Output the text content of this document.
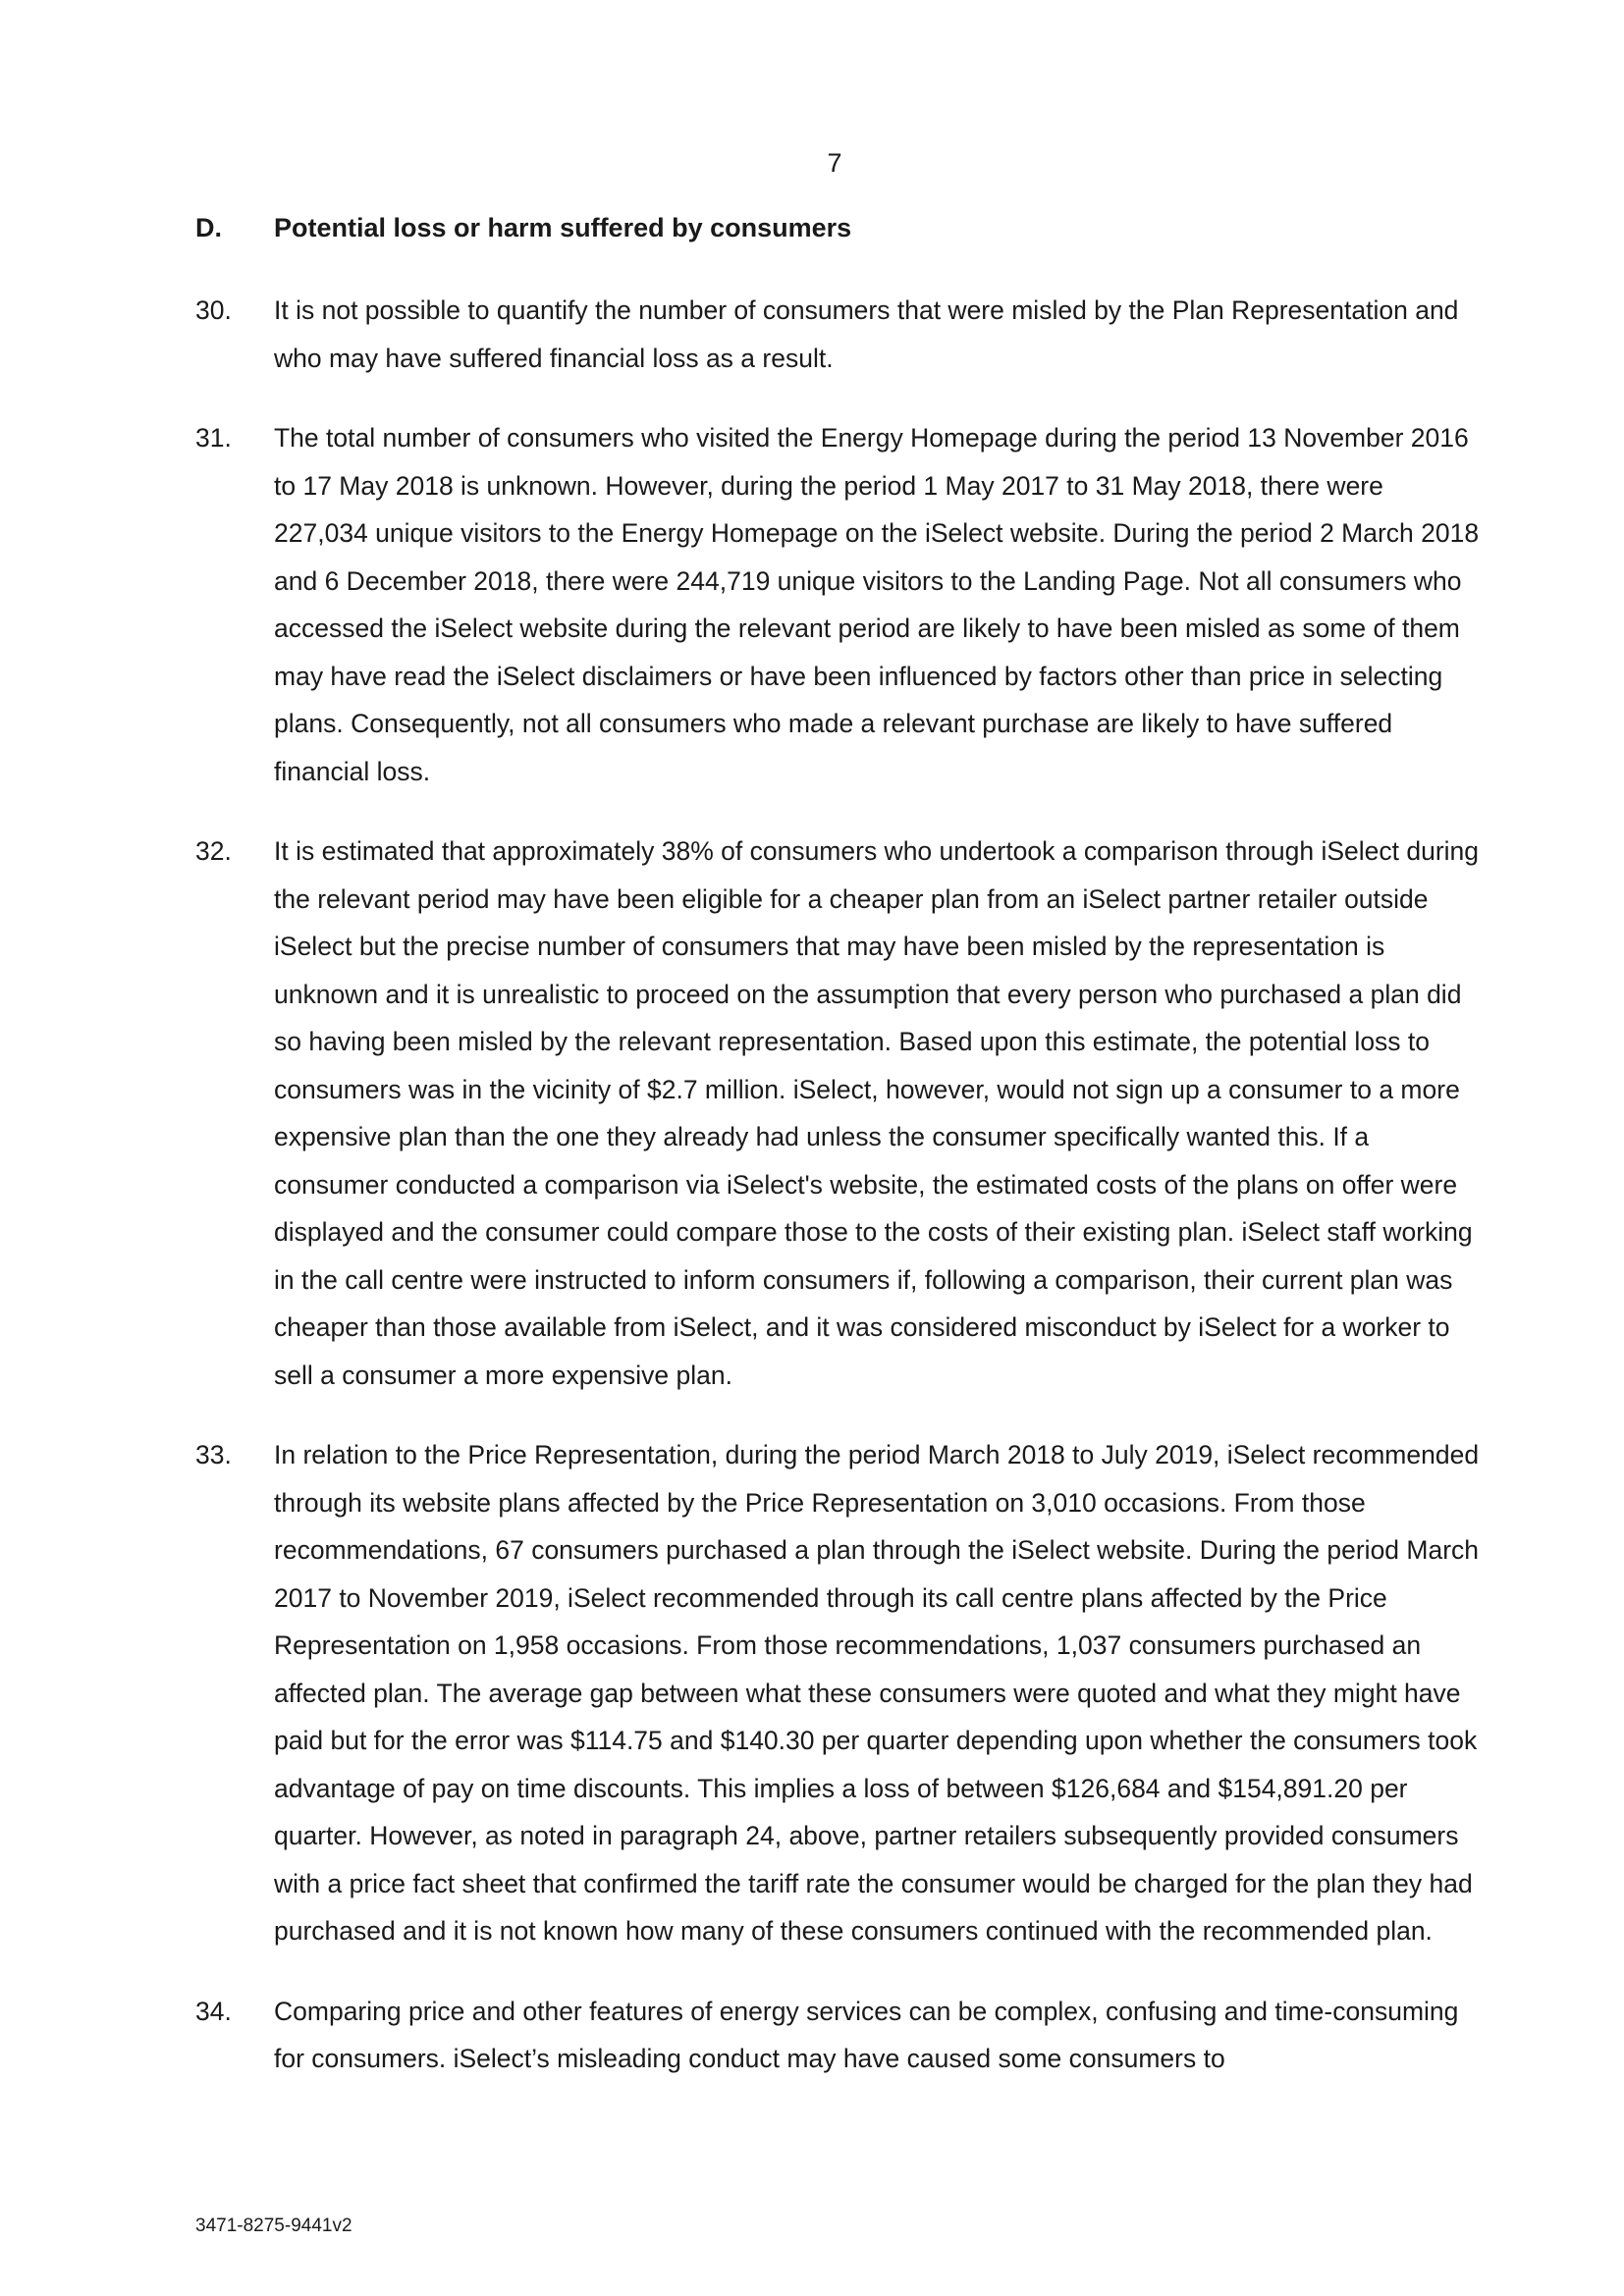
7
D.	Potential loss or harm suffered by consumers
30.	It is not possible to quantify the number of consumers that were misled by the Plan Representation and who may have suffered financial loss as a result.
31.	The total number of consumers who visited the Energy Homepage during the period 13 November 2016 to 17 May 2018 is unknown. However, during the period 1 May 2017 to 31 May 2018, there were 227,034 unique visitors to the Energy Homepage on the iSelect website. During the period 2 March 2018 and 6 December 2018, there were 244,719 unique visitors to the Landing Page. Not all consumers who accessed the iSelect website during the relevant period are likely to have been misled as some of them may have read the iSelect disclaimers or have been influenced by factors other than price in selecting plans. Consequently, not all consumers who made a relevant purchase are likely to have suffered financial loss.
32.	It is estimated that approximately 38% of consumers who undertook a comparison through iSelect during the relevant period may have been eligible for a cheaper plan from an iSelect partner retailer outside iSelect but the precise number of consumers that may have been misled by the representation is unknown and it is unrealistic to proceed on the assumption that every person who purchased a plan did so having been misled by the relevant representation. Based upon this estimate, the potential loss to consumers was in the vicinity of $2.7 million. iSelect, however, would not sign up a consumer to a more expensive plan than the one they already had unless the consumer specifically wanted this. If a consumer conducted a comparison via iSelect's website, the estimated costs of the plans on offer were displayed and the consumer could compare those to the costs of their existing plan. iSelect staff working in the call centre were instructed to inform consumers if, following a comparison, their current plan was cheaper than those available from iSelect, and it was considered misconduct by iSelect for a worker to sell a consumer a more expensive plan.
33.	In relation to the Price Representation, during the period March 2018 to July 2019, iSelect recommended through its website plans affected by the Price Representation on 3,010 occasions. From those recommendations, 67 consumers purchased a plan through the iSelect website. During the period March 2017 to November 2019, iSelect recommended through its call centre plans affected by the Price Representation on 1,958 occasions. From those recommendations, 1,037 consumers purchased an affected plan. The average gap between what these consumers were quoted and what they might have paid but for the error was $114.75 and $140.30 per quarter depending upon whether the consumers took advantage of pay on time discounts. This implies a loss of between $126,684 and $154,891.20 per quarter. However, as noted in paragraph 24, above, partner retailers subsequently provided consumers with a price fact sheet that confirmed the tariff rate the consumer would be charged for the plan they had purchased and it is not known how many of these consumers continued with the recommended plan.
34.	Comparing price and other features of energy services can be complex, confusing and time-consuming for consumers. iSelect’s misleading conduct may have caused some consumers to
3471-8275-9441v2
